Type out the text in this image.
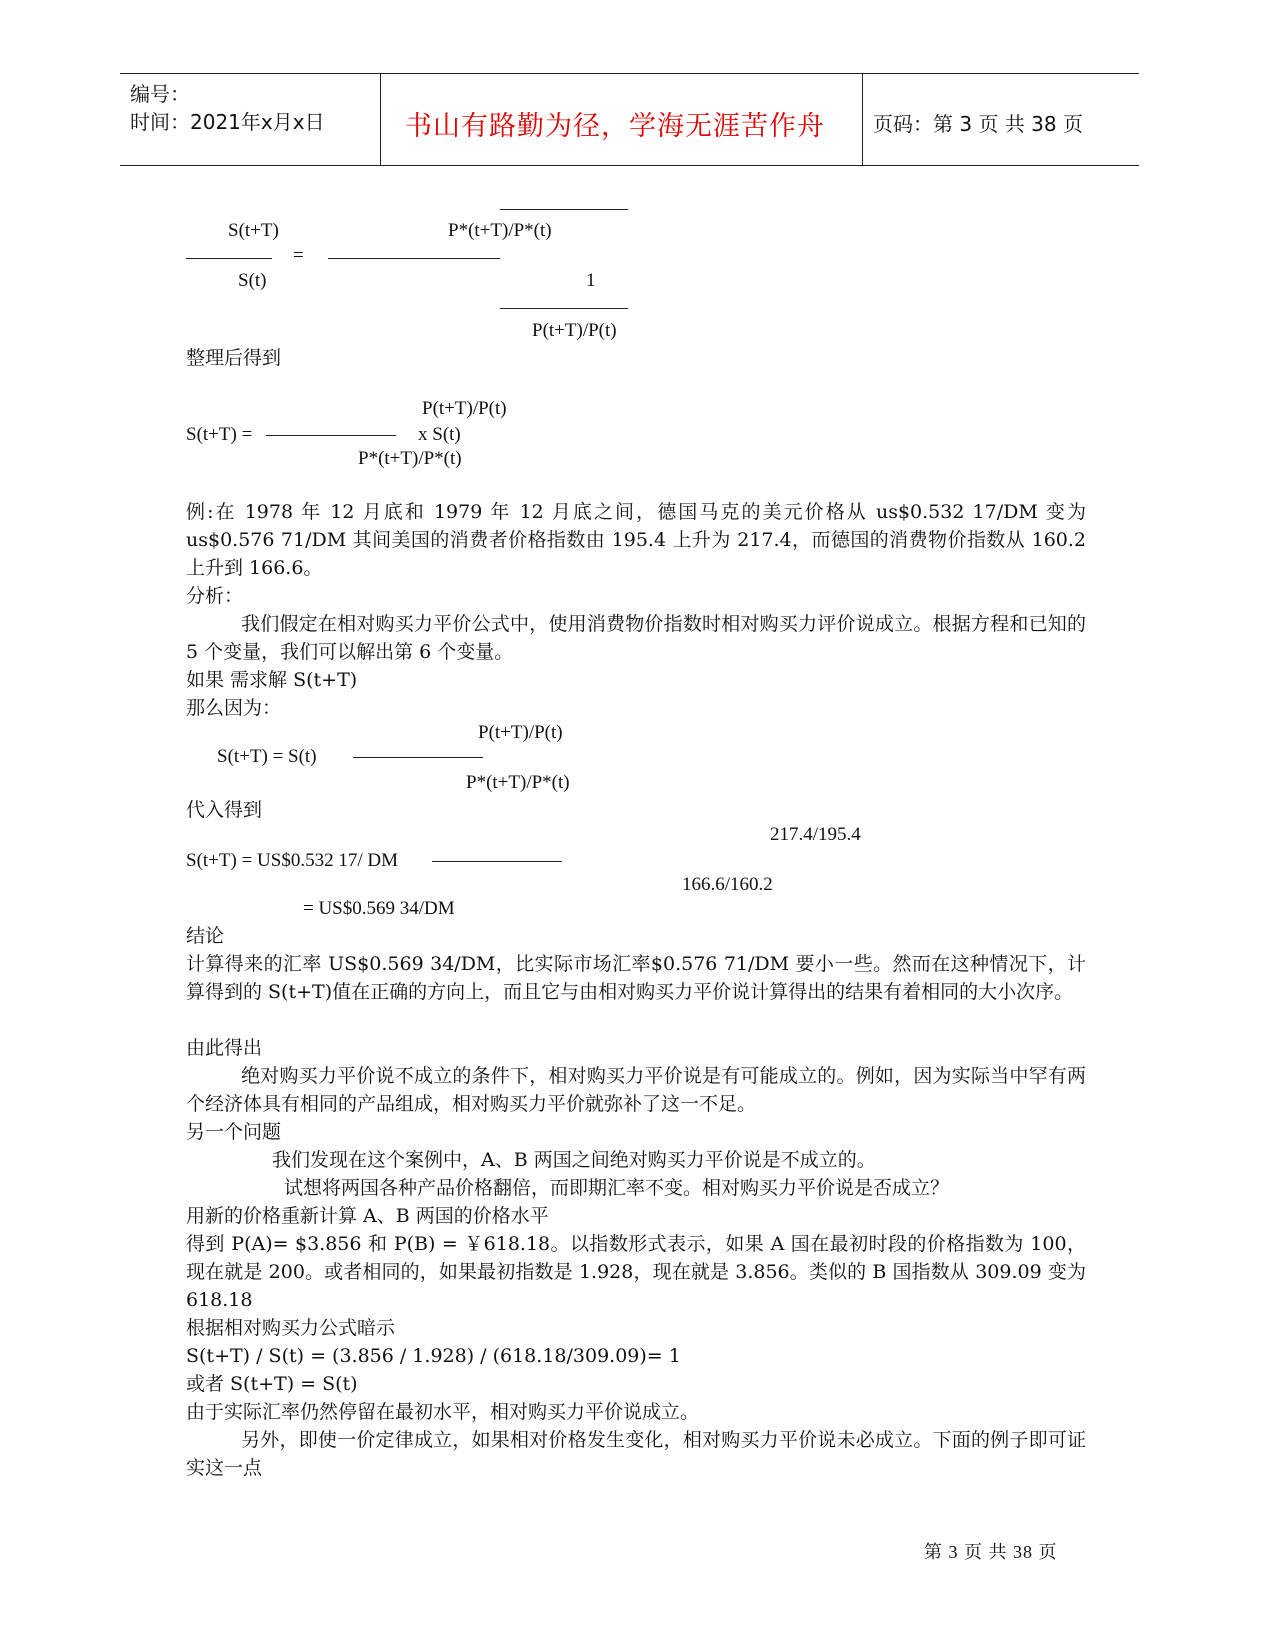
编号：
时间：2021年x月x日	书山有路勤为径，学海无涯苦作舟 页码：第 3 页 共 38 页
S(t+T)	P*(t+T)/P*(t)
=
S(t)	1
P(t+T)/P(t)
整理后得到
P(t+T)/P(t)
S(t+T) =	x S(t)
P*(t+T)/P*(t)
例:在 1978 年 12 月底和 1979 年 12 月底之间，德国马克的美元价格从 us$0.532 17/DM 变为 us$0.576 71/DM 其间美国的消费者价格指数由 195.4 上升为 217.4，而德国的消费物价指数从 160.2 上升到 166.6。
分析：
我们假定在相对购买力平价公式中，使用消费物价指数时相对购买力评价说成立。根据方程和已知的 5 个变量，我们可以解出第 6 个变量。
如果 需求解 S(t+T)
那么因为：
P(t+T)/P(t)
S(t+T) = S(t)
P*(t+T)/P*(t)
代入得到
217.4/195.4
S(t+T) = US$0.532 17/ DM
166.6/160.2
= US$0.569 34/DM
结论
计算得来的汇率 US$0.569 34/DM，比实际市场汇率$0.576 71/DM 要小一些。然而在这种情况下，计算得到的 S(t+T)值在正确的方向上，而且它与由相对购买力平价说计算得出的结果有着相同的大小次序。
由此得出
绝对购买力平价说不成立的条件下，相对购买力平价说是有可能成立的。例如，因为实际当中罕有两个经济体具有相同的产品组成，相对购买力平价就弥补了这一不足。
另一个问题
我们发现在这个案例中，A、B 两国之间绝对购买力平价说是不成立的。
试想将两国各种产品价格翻倍，而即期汇率不变。相对购买力平价说是否成立？
用新的价格重新计算 A、B 两国的价格水平
得到 P(A)= $3.856 和 P(B) = ￥618.18。以指数形式表示，如果 A 国在最初时段的价格指数为 100，现在就是 200。或者相同的，如果最初指数是 1.928，现在就是 3.856。类似的 B 国指数从 309.09 变为 618.18
根据相对购买力公式暗示
S(t+T) / S(t) = (3.856 / 1.928) / (618.18/309.09)= 1
或者 S(t+T) = S(t)
由于实际汇率仍然停留在最初水平，相对购买力平价说成立。
另外，即使一价定律成立，如果相对价格发生变化，相对购买力平价说未必成立。下面的例子即可证实这一点
第 3 页 共 38 页
